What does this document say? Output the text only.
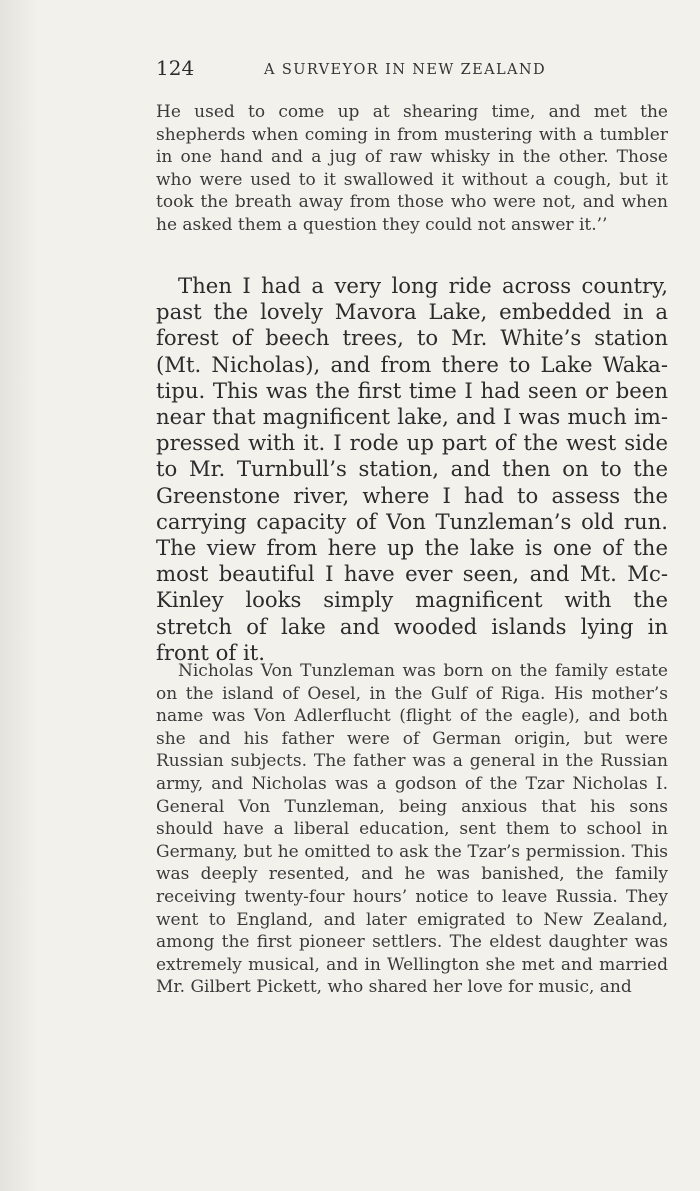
124	A SURVEYOR IN NEW ZEALAND

He used to come up at shearing time, and met the shepherds when coming in from mustering with a tumbler in one hand and a jug of raw whisky in the other. Those who were used to it swallowed it without a cough, but it took the breath away from those who were not, and when he asked them a question they could not answer it.’’

Then I had a very long ride across country, past the lovely Mavora Lake, embedded in a forest of beech trees, to Mr. White’s station (Mt. Nicholas), and from there to Lake Wakatipu. This was the first time I had seen or been near that magnificent lake, and I was much impressed with it. I rode up part of the west side to Mr. Turnbull’s station, and then on to the Greenstone river, where I had to assess the carrying capacity of Von Tunzleman’s old run. The view from here up the lake is one of the most beautiful I have ever seen, and Mt. McKinley looks simply magnificent with the stretch of lake and wooded islands lying in front of it.

Nicholas Von Tunzleman was born on the family estate on the island of Oesel, in the Gulf of Riga. His mother’s name was Von Adlerflucht (flight of the eagle), and both she and his father were of German origin, but were Russian subjects. The father was a general in the Russian army, and Nicholas was a godson of the Tzar Nicholas I. General Von Tunzleman, being anxious that his sons should have a liberal education, sent them to school in Germany, but he omitted to ask the Tzar’s permission. This was deeply resented, and he was banished, the family receiving twenty-four hours’ notice to leave Russia. They went to England, and later emigrated to New Zealand, among the first pioneer settlers. The eldest daughter was extremely musical, and in Wellington she met and married Mr. Gilbert Pickett, who shared her love for music, and
